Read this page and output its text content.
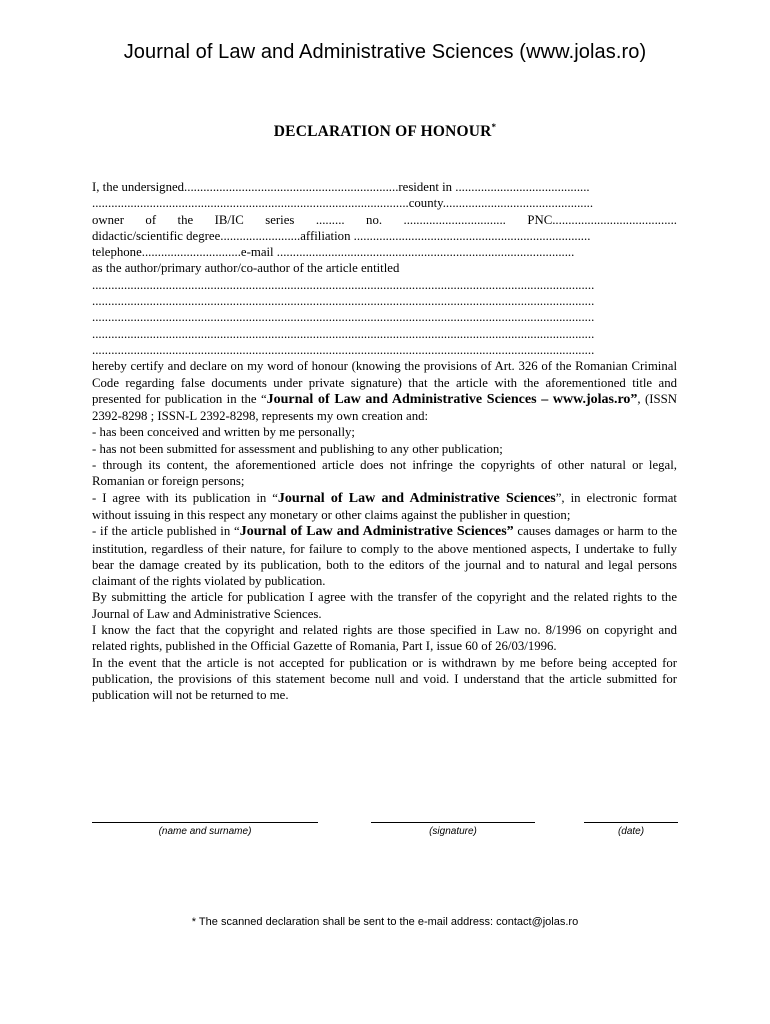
Journal of Law and Administrative Sciences (www.jolas.ro)
DECLARATION OF HONOUR*
I, the undersigned...................................................................resident in ..........................................
...................................................................................................county...............................................
owner of the IB/IC series ......... no. ................................ PNC.......................................
didactic/scientific degree.........................affiliation ..........................................................................
telephone...............................e-mail .............................................................................................
as the author/primary author/co-author of the article entitled
.............................................................................................................................................................
.............................................................................................................................................................
.............................................................................................................................................................
.............................................................................................................................................................
.............................................................................................................................................................
hereby certify and declare on my word of honour (knowing the provisions of Art. 326 of the Romanian Criminal Code regarding false documents under private signature) that the article with the aforementioned title and presented for publication in the “Journal of Law and Administrative Sciences – www.jolas.ro”, (ISSN 2392-8298 ; ISSN-L 2392-8298, represents my own creation and:
- has been conceived and written by me personally;
- has not been submitted for assessment and publishing to any other publication;
- through its content, the aforementioned article does not infringe the copyrights of other natural or legal, Romanian or foreign persons;
- I agree with its publication in “Journal of Law and Administrative Sciences”, in electronic format without issuing in this respect any monetary or other claims against the publisher in question;
- if the article published in “Journal of Law and Administrative Sciences” causes damages or harm to the institution, regardless of their nature, for failure to comply to the above mentioned aspects, I undertake to fully bear the damage created by its publication, both to the editors of the journal and to natural and legal persons claimant of the rights violated by publication.
By submitting the article for publication I agree with the transfer of the copyright and the related rights to the Journal of Law and Administrative Sciences.
I know the fact that the copyright and related rights are those specified in Law no. 8/1996 on copyright and related rights, published in the Official Gazette of Romania, Part I, issue 60 of 26/03/1996.
In the event that the article is not accepted for publication or is withdrawn by me before being accepted for publication, the provisions of this statement become null and void. I understand that the article submitted for publication will not be returned to me.
(name and surname)	(signature)	(date)
* The scanned declaration shall be sent to the e-mail address: contact@jolas.ro
